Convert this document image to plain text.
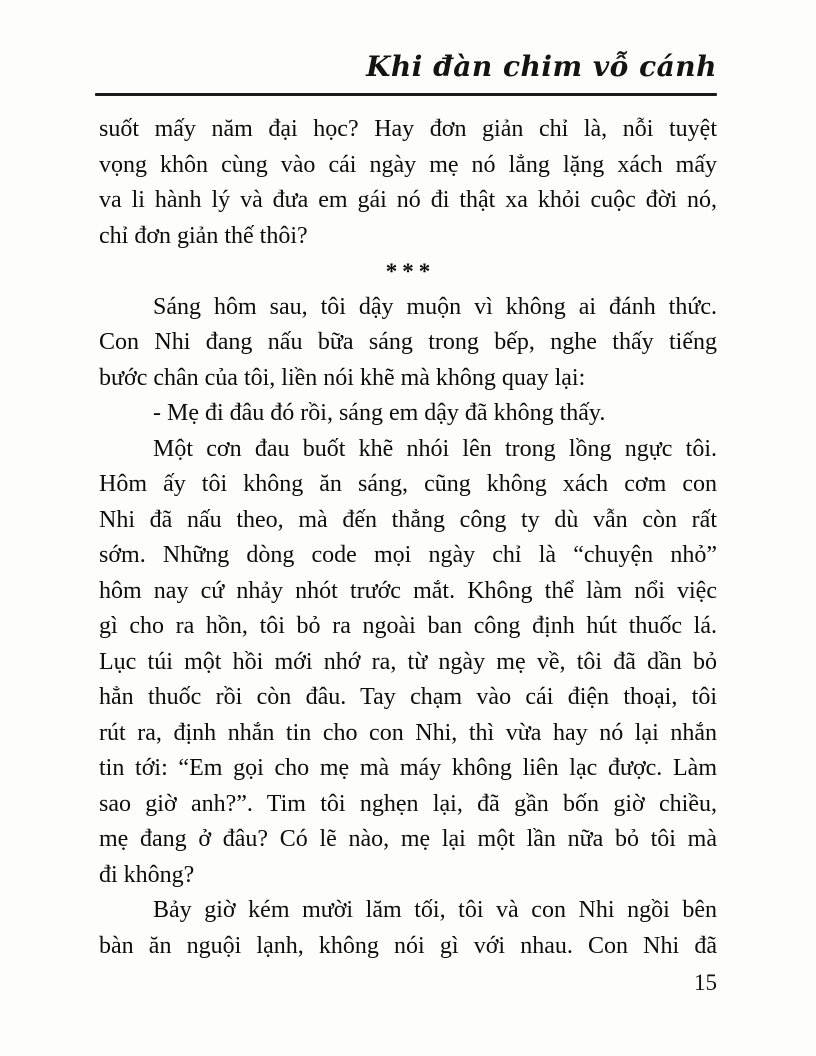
Khi đàn chim vỗ cánh
suốt mấy năm đại học? Hay đơn giản chỉ là, nỗi tuyệt
vọng khôn cùng vào cái ngày mẹ nó lẳng lặng xách mấy
va li hành lý và đưa em gái nó đi thật xa khỏi cuộc đời nó,
chỉ đơn giản thế thôi?
***
Sáng hôm sau, tôi dậy muộn vì không ai đánh thức.
Con Nhi đang nấu bữa sáng trong bếp, nghe thấy tiếng
bước chân của tôi, liền nói khẽ mà không quay lại:
- Mẹ đi đâu đó rồi, sáng em dậy đã không thấy.
Một cơn đau buốt khẽ nhói lên trong lồng ngực tôi.
Hôm ấy tôi không ăn sáng, cũng không xách cơm con
Nhi đã nấu theo, mà đến thẳng công ty dù vẫn còn rất
sớm. Những dòng code mọi ngày chỉ là “chuyện nhỏ”
hôm nay cứ nhảy nhót trước mắt. Không thể làm nổi việc
gì cho ra hồn, tôi bỏ ra ngoài ban công định hút thuốc lá.
Lục túi một hồi mới nhớ ra, từ ngày mẹ về, tôi đã dần bỏ
hẳn thuốc rồi còn đâu. Tay chạm vào cái điện thoại, tôi
rút ra, định nhắn tin cho con Nhi, thì vừa hay nó lại nhắn
tin tới: “Em gọi cho mẹ mà máy không liên lạc được. Làm
sao giờ anh?”. Tim tôi nghẹn lại, đã gần bốn giờ chiều,
mẹ đang ở đâu? Có lẽ nào, mẹ lại một lần nữa bỏ tôi mà
đi không?
Bảy giờ kém mười lăm tối, tôi và con Nhi ngồi bên
bàn ăn nguội lạnh, không nói gì với nhau. Con Nhi đã
15
